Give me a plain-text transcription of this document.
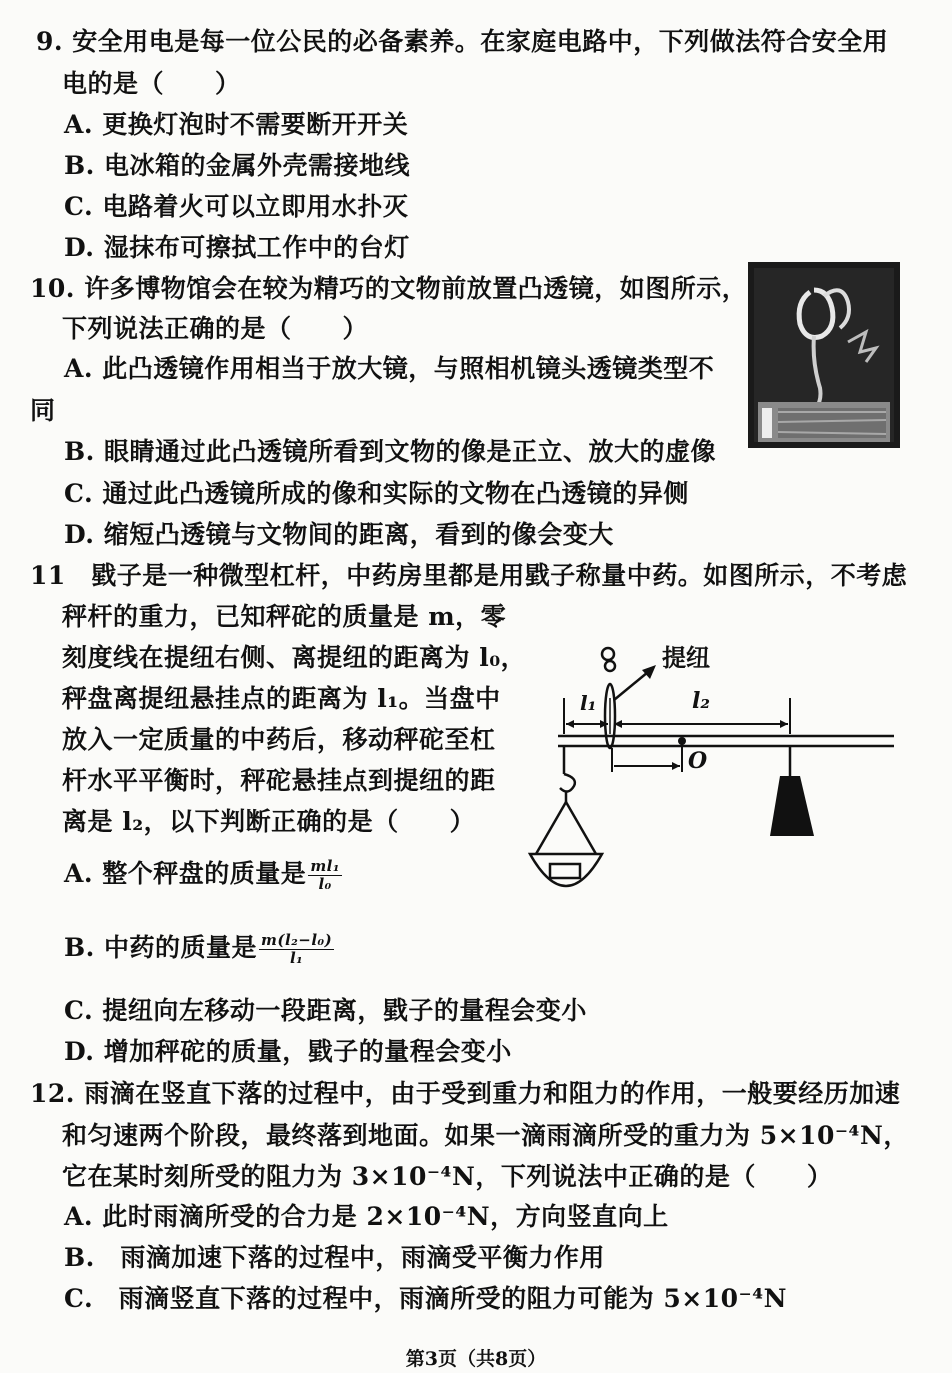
9. 安全用电是每一位公民的必备素养。在家庭电路中，下列做法符合安全用
电的是（　　）
A. 更换灯泡时不需要断开开关
B. 电冰箱的金属外壳需接地线
C. 电路着火可以立即用水扑灭
D. 湿抹布可擦拭工作中的台灯
10. 许多博物馆会在较为精巧的文物前放置凸透镜，如图所示，
下列说法正确的是（　　）
A. 此凸透镜作用相当于放大镜，与照相机镜头透镜类型不
同
B. 眼睛通过此凸透镜所看到文物的像是正立、放大的虚像
C. 通过此凸透镜所成的像和实际的文物在凸透镜的异侧
D. 缩短凸透镜与文物间的距离，看到的像会变大
11　戥子是一种微型杠杆，中药房里都是用戥子称量中药。如图所示，不考虑
秤杆的重力，已知秤砣的质量是 m，零
刻度线在提纽右侧、离提纽的距离为 l₀，
秤盘离提纽悬挂点的距离为 l₁。当盘中
放入一定质量的中药后，移动秤砣至杠
杆水平平衡时，秤砣悬挂点到提纽的距
离是 l₂，以下判断正确的是（　　）
A. 整个秤盘的质量是 $\frac{\text{ml₁}}{\text{l₀}}$
B. 中药的质量是 $\frac{\text{m(l₂−l₀)}}{\text{l₁}}$
C. 提纽向左移动一段距离，戥子的量程会变小
D. 增加秤砣的质量，戥子的量程会变小
提纽
l₁	l₂
O
12. 雨滴在竖直下落的过程中，由于受到重力和阻力的作用，一般要经历加速
和匀速两个阶段，最终落到地面。如果一滴雨滴所受的重力为 5×10⁻⁴N，
它在某时刻所受的阻力为 3×10⁻⁴N，下列说法中正确的是（　　）
A. 此时雨滴所受的合力是 2×10⁻⁴N，方向竖直向上
B.　雨滴加速下落的过程中，雨滴受平衡力作用
C.　雨滴竖直下落的过程中，雨滴所受的阻力可能为 5×10⁻⁴N
第3页（共8页）
